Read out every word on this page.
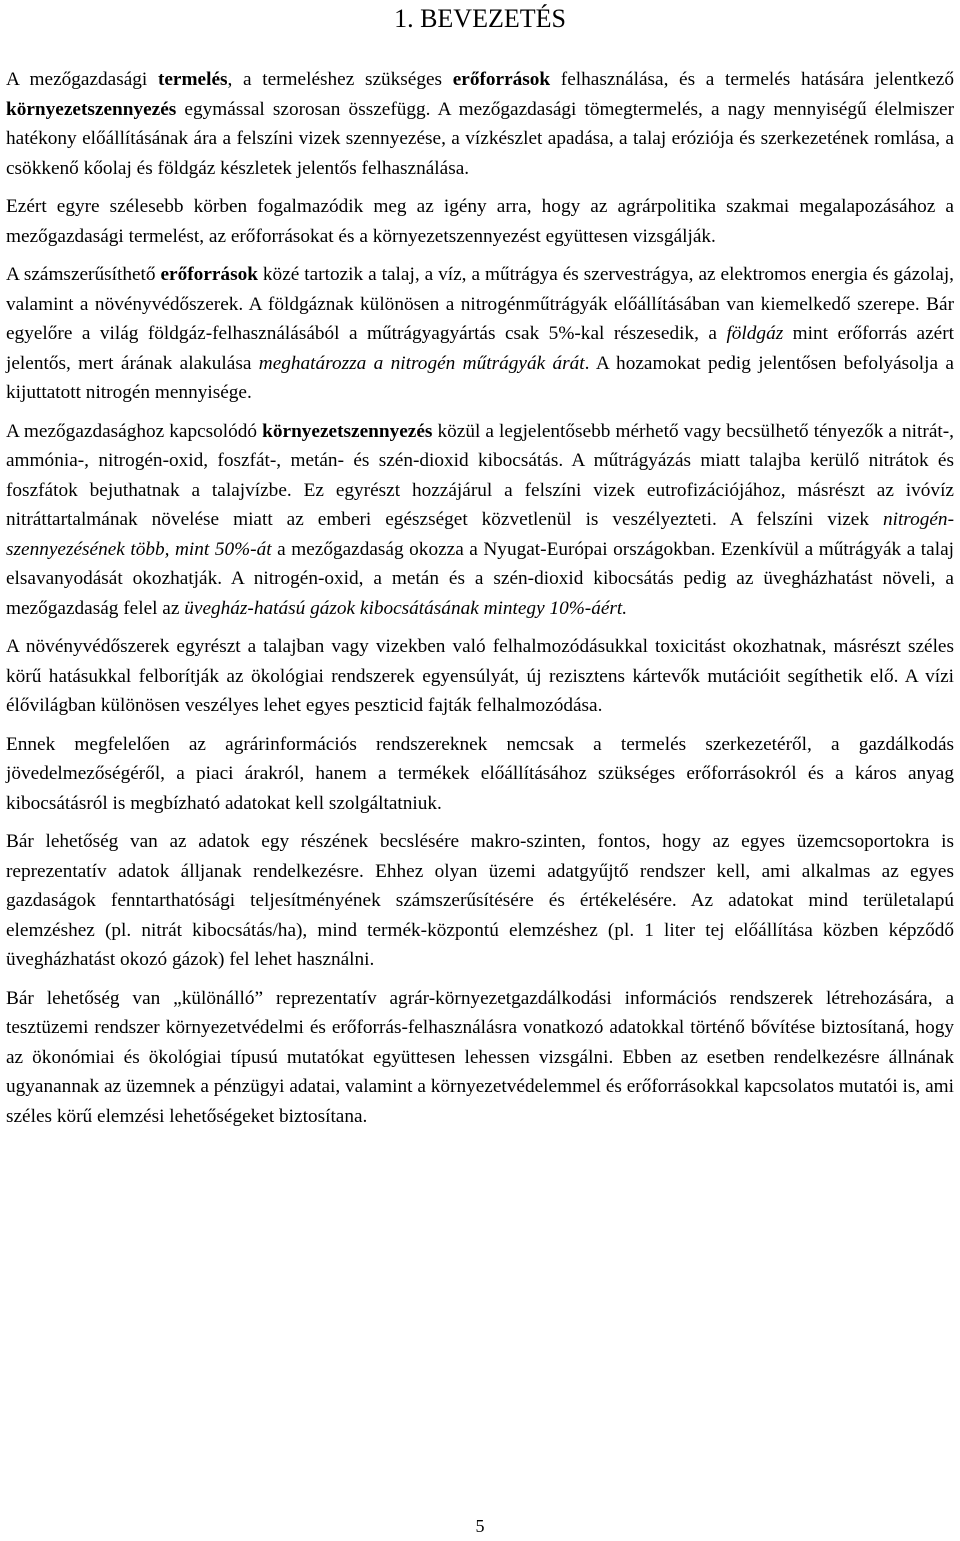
1. BEVEZETÉS

A mezőgazdasági termelés, a termeléshez szükséges erőforrások felhasználása, és a termelés hatására jelentkező környezetszennyezés egymással szorosan összefügg. A mezőgazdasági tömegtermelés, a nagy mennyiségű élelmiszer hatékony előállításának ára a felszíni vizek szennyezése, a vízkészlet apadása, a talaj eróziója és szerkezetének romlása, a csökkenő kőolaj és földgáz készletek jelentős felhasználása.

Ezért egyre szélesebb körben fogalmazódik meg az igény arra, hogy az agrárpolitika szakmai megalapozásához a mezőgazdasági termelést, az erőforrásokat és a környezetszennyezést együttesen vizsgálják.

A számszerűsíthető erőforrások közé tartozik a talaj, a víz, a műtrágya és szervestrágya, az elektromos energia és gázolaj, valamint a növényvédőszerek. A földgáznak különösen a nitrogénműtrágyák előállításában van kiemelkedő szerepe. Bár egyelőre a világ földgáz-felhasználásából a műtrágyagyártás csak 5%-kal részesedik, a földgáz mint erőforrás azért jelentős, mert árának alakulása meghatározza a nitrogén műtrágyák árát. A hozamokat pedig jelentősen befolyásolja a kijuttatott nitrogén mennyisége.

A mezőgazdasághoz kapcsolódó környezetszennyezés közül a legjelentősebb mérhető vagy becsülhető tényezők a nitrát-, ammónia-, nitrogén-oxid, foszfát-, metán- és szén-dioxid kibocsátás. A műtrágyázás miatt talajba kerülő nitrátok és foszfátok bejuthatnak a talajvízbe. Ez egyrészt hozzájárul a felszíni vizek eutrofizációjához, másrészt az ivóvíz nitráttartalmának növelése miatt az emberi egészséget közvetlenül is veszélyezteti. A felszíni vizek nitrogén-szennyezésének több, mint 50%-át a mezőgazdaság okozza a Nyugat-Európai országokban. Ezenkívül a műtrágyák a talaj elsavanyodását okozhatják. A nitrogén-oxid, a metán és a szén-dioxid kibocsátás pedig az üvegházhatást növeli, a mezőgazdaság felel az üvegház-hatású gázok kibocsátásának mintegy 10%-áért.

A növényvédőszerek egyrészt a talajban vagy vizekben való felhalmozódásukkal toxicitást okozhatnak, másrészt széles körű hatásukkal felborítják az ökológiai rendszerek egyensúlyát, új rezisztens kártevők mutációit segíthetik elő. A vízi élővilágban különösen veszélyes lehet egyes peszticid fajták felhalmozódása.

Ennek megfelelően az agrárinformációs rendszereknek nemcsak a termelés szerkezetéről, a gazdálkodás jövedelmezőségéről, a piaci árakról, hanem a termékek előállításához szükséges erőforrásokról és a káros anyag kibocsátásról is megbízható adatokat kell szolgáltatniuk.

Bár lehetőség van az adatok egy részének becslésére makro-szinten, fontos, hogy az egyes üzemcsoportokra is reprezentatív adatok álljanak rendelkezésre. Ehhez olyan üzemi adatgyűjtő rendszer kell, ami alkalmas az egyes gazdaságok fenntarthatósági teljesítményének számszerűsítésére és értékelésére. Az adatokat mind területalapú elemzéshez (pl. nitrát kibocsátás/ha), mind termék-központú elemzéshez (pl. 1 liter tej előállítása közben képződő üvegházhatást okozó gázok) fel lehet használni.

Bár lehetőség van „különálló” reprezentatív agrár-környezetgazdálkodási információs rendszerek létrehozására, a tesztüzemi rendszer környezetvédelmi és erőforrás-felhasználásra vonatkozó adatokkal történő bővítése biztosítaná, hogy az ökonómiai és ökológiai típusú mutatókat együttesen lehessen vizsgálni. Ebben az esetben rendelkezésre állnának ugyanannak az üzemnek a pénzügyi adatai, valamint a környezetvédelemmel és erőforrásokkal kapcsolatos mutatói is, ami széles körű elemzési lehetőségeket biztosítana.

5
